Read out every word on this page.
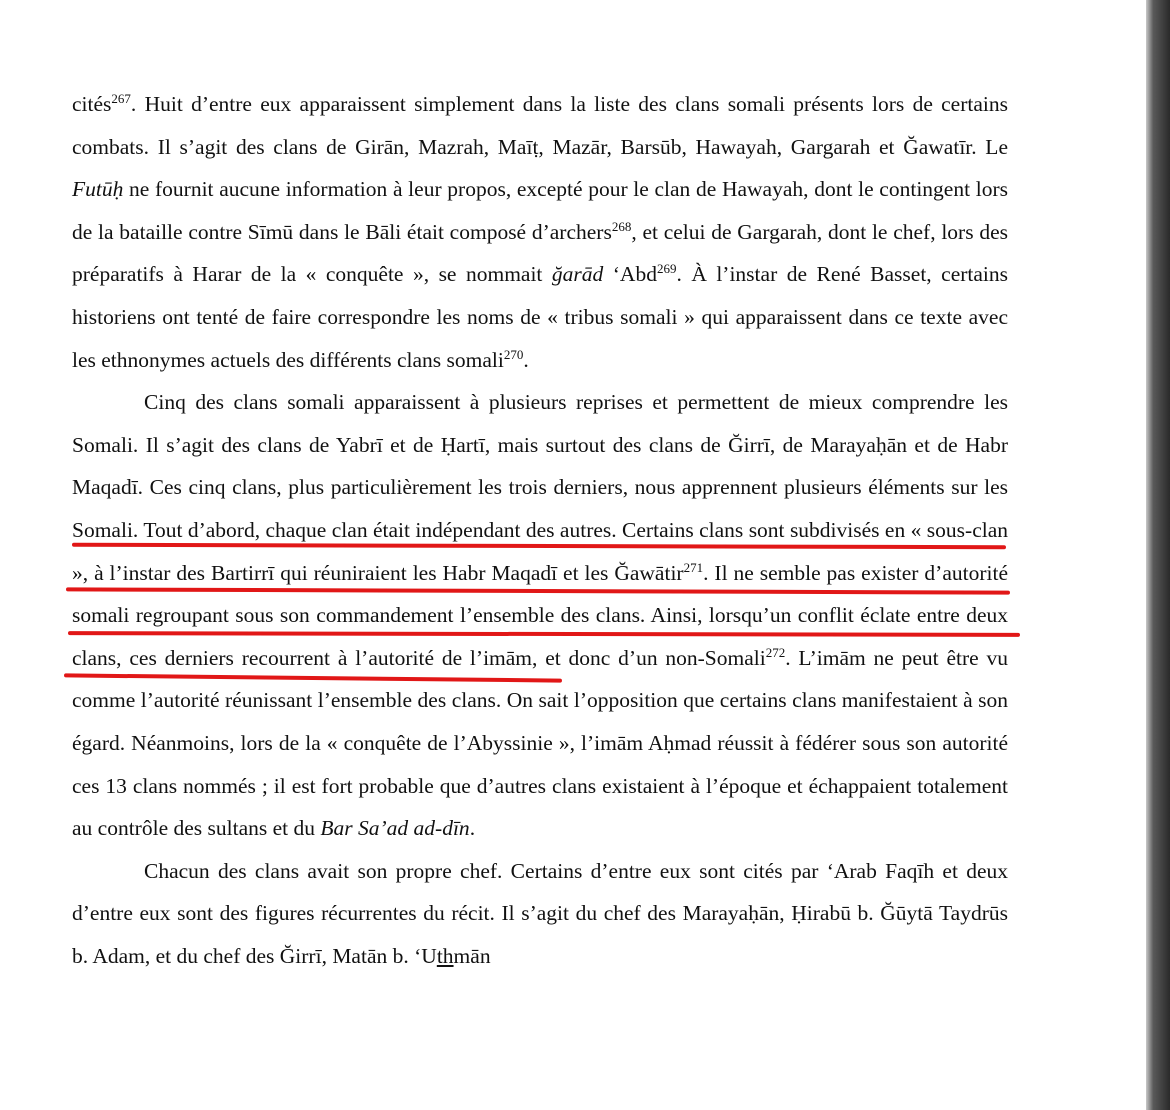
cités$^{267}$. Huit d’entre eux apparaissent simplement dans la liste des clans somali présents lors de certains combats. Il s’agit des clans de Girān, Mazrah, Maīṭ, Mazār, Barsūb, Hawayah, Gargarah et Ğawatīr. Le Futūḥ ne fournit aucune information à leur propos, excepté pour le clan de Hawayah, dont le contingent lors de la bataille contre Sīmū dans le Bāli était composé d’archers$^{268}$, et celui de Gargarah, dont le chef, lors des préparatifs à Harar de la « conquête », se nommait ğarād ‘Abd$^{269}$. À l’instar de René Basset, certains historiens ont tenté de faire correspondre les noms de « tribus somali » qui apparaissent dans ce texte avec les ethnonymes actuels des différents clans somali$^{270}$.

Cinq des clans somali apparaissent à plusieurs reprises et permettent de mieux comprendre les Somali. Il s’agit des clans de Yabrī et de Ḥartī, mais surtout des clans de Ğirrī, de Marayaḥān et de Habr Maqadī. Ces cinq clans, plus particulièrement les trois derniers, nous apprennent plusieurs éléments sur les Somali. Tout d’abord, chaque clan était indépendant des autres. Certains clans sont subdivisés en « sous-clan », à l’instar des Bartirrī qui réuniraient les Habr Maqadī et les Ğawātir$^{271}$. Il ne semble pas exister d’autorité somali regroupant sous son commandement l’ensemble des clans. Ainsi, lorsqu’un conflit éclate entre deux clans, ces derniers recourrent à l’autorité de l’imām, et donc d’un non-Somali$^{272}$. L’imām ne peut être vu comme l’autorité réunissant l’ensemble des clans. On sait l’opposition que certains clans manifestaient à son égard. Néanmoins, lors de la « conquête de l’Abyssinie », l’imām Aḥmad réussit à fédérer sous son autorité ces 13 clans nommés ; il est fort probable que d’autres clans existaient à l’époque et échappaient totalement au contrôle des sultans et du Bar Sa’ad ad-dīn.

Chacun des clans avait son propre chef. Certains d’entre eux sont cités par ‘Arab Faqīh et deux d’entre eux sont des figures récurrentes du récit. Il s’agit du chef des Marayaḥān, Ḥirabū b. Ğūytā Taydrūs b. Adam, et du chef des Ğirrī, Matān b. ‘Uthmān
